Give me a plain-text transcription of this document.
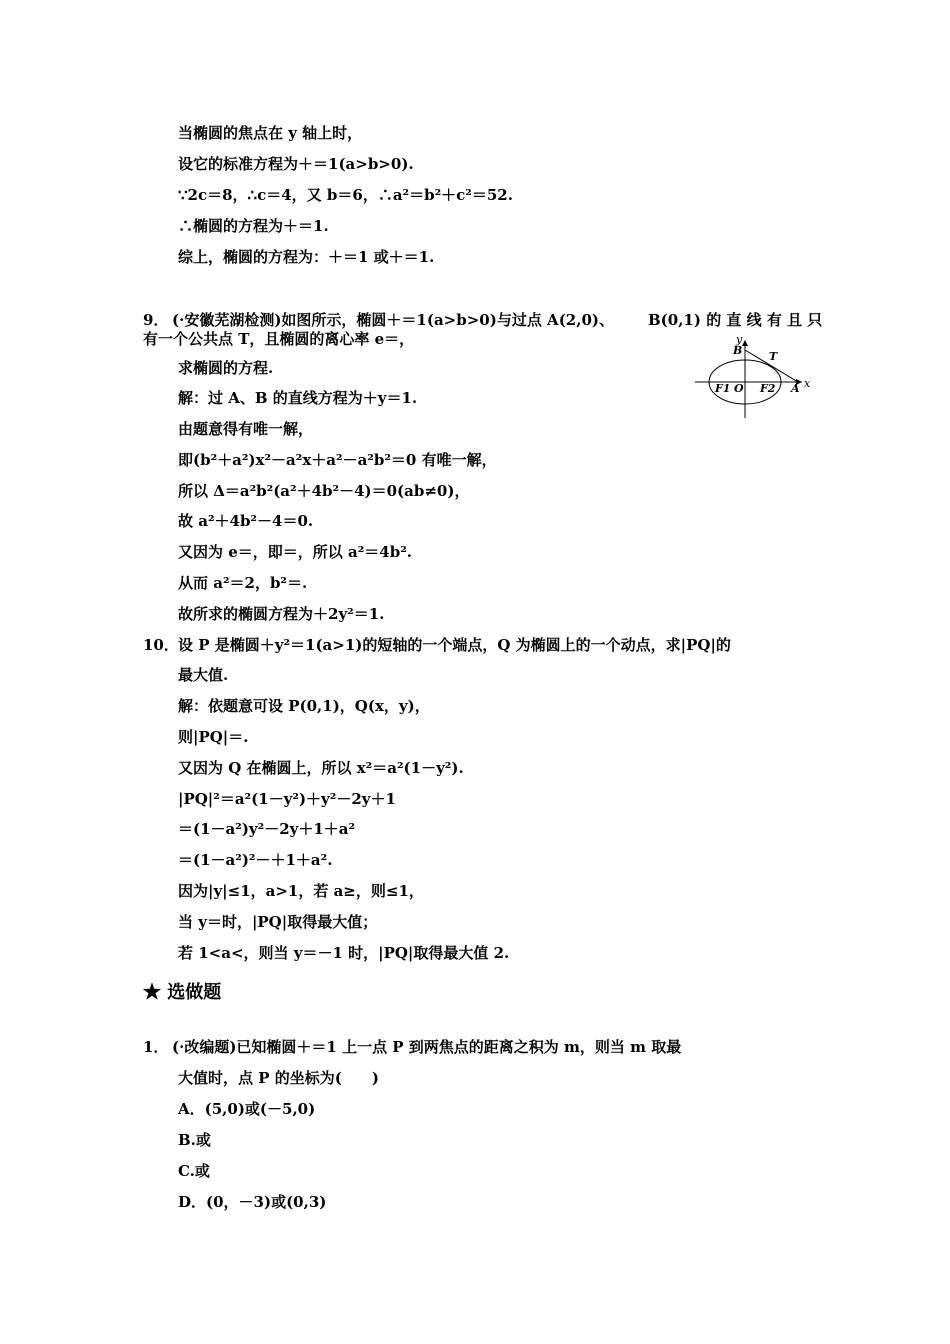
当椭圆的焦点在 y 轴上时，
设它的标准方程为＋＝1(a>b>0).
∵2c＝8，∴c＝4，又 b＝6，∴a²＝b²＋c²＝52.
∴椭圆的方程为＋＝1.
综上，椭圆的方程为：＋＝1 或＋＝1.
9． (·安徽芜湖检测)如图所示，椭圆＋＝1(a>b>0)与过点 A(2,0)、 B(0,1) 的 直 线 有 且 只
有一个公共点 T，且椭圆的离心率 e＝，
求椭圆的方程.
y
x
B T
O
F1	F2 A
解：过 A、B 的直线方程为＋y＝1.
由题意得有唯一解，
即(b²＋a²)x²－a²x＋a²－a²b²＝0 有唯一解，
所以 Δ＝a²b²(a²＋4b²－4)＝0(ab≠0)，
故 a²＋4b²－4＝0.
又因为 e＝，即＝，所以 a²＝4b².
从而 a²＝2，b²＝.
故所求的椭圆方程为＋2y²＝1.
10． 设 P 是椭圆＋y²＝1(a>1)的短轴的一个端点，Q 为椭圆上的一个动点，求|PQ|的
最大值.
解：依题意可设 P(0,1)，Q(x，y)，
则|PQ|＝.
又因为 Q 在椭圆上，所以 x²＝a²(1－y²).
|PQ|²＝a²(1－y²)＋y²－2y＋1
＝(1－a²)y²－2y＋1＋a²
＝(1－a²)²－＋1＋a².
因为|y|≤1，a>1，若 a≥，则≤1，
当 y＝时，|PQ|取得最大值；
若 1<a<，则当 y＝－1 时，|PQ|取得最大值 2.
★ 选做题
1． (·改编题)已知椭圆＋＝1 上一点 P 到两焦点的距离之积为 m，则当 m 取最
大值时，点 P 的坐标为(　　)
A．(5,0)或(－5,0)
B.或
C.或
D．(0，－3)或(0,3)
